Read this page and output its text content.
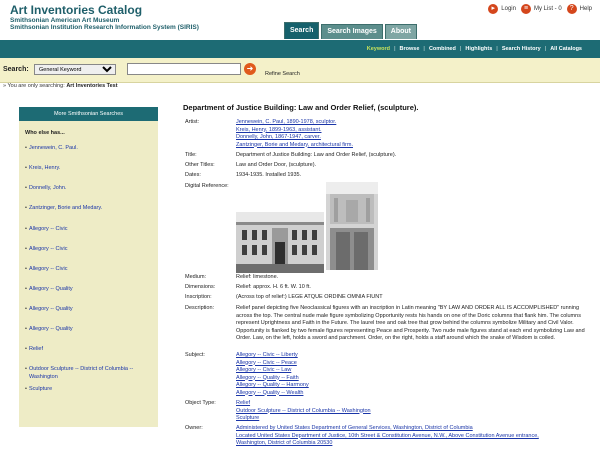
Art Inventories Catalog
Smithsonian American Art Museum
Smithsonian Institution Research Information System (SIRIS)
▸	Login	≡ My List - 0	?	Help
Search	Search Images	About
Keyword | Browse | Combined | Highlights | Search History | All Catalogs
Search:
General Keyword	➜
Refine Search
» You are only searching: Art Inventories Test
More Smithsonian Searches
Who else has...
• Jennewein, C. Paul.
• Kreis, Henry.
• Donnelly, John.
• Zantzinger, Borie and Medary.
• Allegory -- Civic
• Allegory -- Civic
• Allegory -- Civic
• Allegory -- Quality
• Allegory -- Quality
• Allegory -- Quality
• Relief
• Outdoor Sculpture -- District of Columbia -- Washington
• Sculpture
Department of Justice Building: Law and Order Relief, (sculpture).
Artist:	Jennewein, C. Paul, 1890-1978, sculptor.
Kreis, Henry, 1899-1963, assistant.
Donnelly, John, 1867-1947, carver.
Zantzinger, Borie and Medary, architectural firm.
Title:	Department of Justice Building: Law and Order Relief, (sculpture).
Other Titles:	Law and Order Door, (sculpture).
Dates:	1934-1935. Installed 1935.
Digital Reference:
Medium:	Relief: limestone.
Dimensions:	Relief: approx. H. 6 ft. W. 10 ft.
Inscription:	(Across top of relief:) LEGE ATQUE ORDINE OMNIA FIUNT
Description:	Relief panel depicting five Neoclassical figures with an inscription in Latin meaning "BY LAW AND ORDER ALL IS ACCOMPLISHED" running across the top. The central nude male figure symbolizing Opportunity rests his hands on one of the Doric columns that flank him. The columns represent Uprightness and Faith in the Future. The laurel tree and oak tree that grow behind the columns symbolize Military and Civil Valor. Opportunity is flanked by two female figures representing Peace and Prosperity. Two nude male figures stand at each end symbolizing Law and Order. Law, on the left, holds a sword and parchment. Order, on the right, holds a staff around which the snake of Wisdom is coiled.
Subject:	Allegory -- Civic -- Liberty
Allegory -- Civic -- Peace
Allegory -- Civic -- Law
Allegory -- Quality -- Faith
Allegory -- Quality -- Harmony
Allegory -- Quality -- Wealth
Object Type:	Relief
Outdoor Sculpture -- District of Columbia -- Washington
Sculpture
Owner:	Administered by United States Department of General Services, Washington, District of Columbia
Located United States Department of Justice, 10th Street & Constitution Avenue, N.W., Above Constitution Avenue entrance,
Washington, District of Columbia 20530
